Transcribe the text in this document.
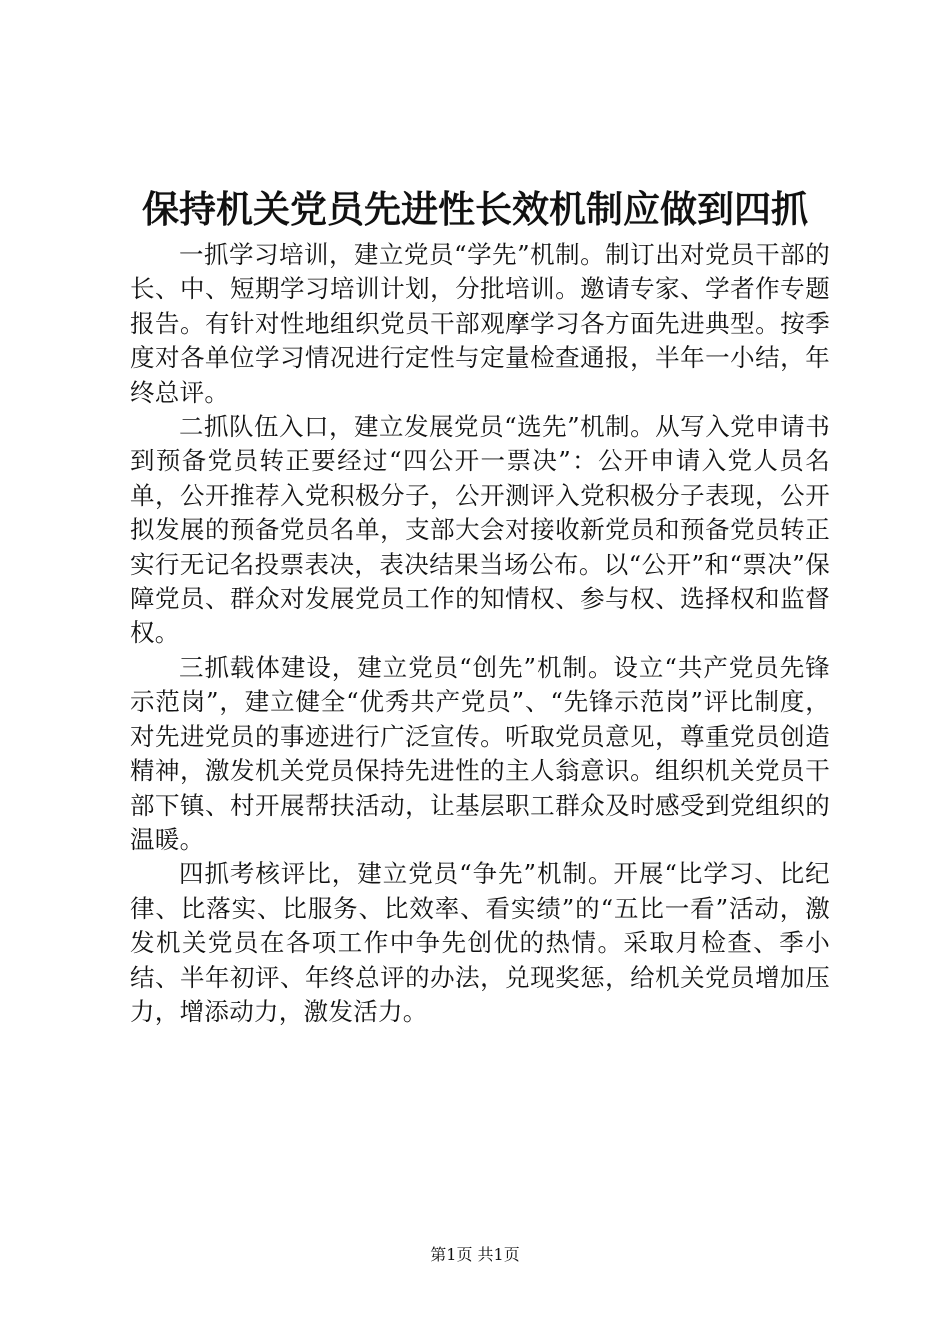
保持机关党员先进性长效机制应做到四抓

一抓学习培训，建立党员“学先”机制。制订出对党员干部的长、中、短期学习培训计划，分批培训。邀请专家、学者作专题报告。有针对性地组织党员干部观摩学习各方面先进典型。按季度对各单位学习情况进行定性与定量检查通报，半年一小结，年终总评。

二抓队伍入口，建立发展党员“选先”机制。从写入党申请书到预备党员转正要经过“四公开一票决”：公开申请入党人员名单，公开推荐入党积极分子，公开测评入党积极分子表现，公开拟发展的预备党员名单，支部大会对接收新党员和预备党员转正实行无记名投票表决，表决结果当场公布。以“公开”和“票决”保障党员、群众对发展党员工作的知情权、参与权、选择权和监督权。

三抓载体建设，建立党员“创先”机制。设立“共产党员先锋示范岗”，建立健全“优秀共产党员”、“先锋示范岗”评比制度，对先进党员的事迹进行广泛宣传。听取党员意见，尊重党员创造精神，激发机关党员保持先进性的主人翁意识。组织机关党员干部下镇、村开展帮扶活动，让基层职工群众及时感受到党组织的温暖。

四抓考核评比，建立党员“争先”机制。开展“比学习、比纪律、比落实、比服务、比效率、看实绩”的“五比一看”活动，激发机关党员在各项工作中争先创优的热情。采取月检查、季小结、半年初评、年终总评的办法，兑现奖惩，给机关党员增加压力，增添动力，激发活力。

第1页 共1页
